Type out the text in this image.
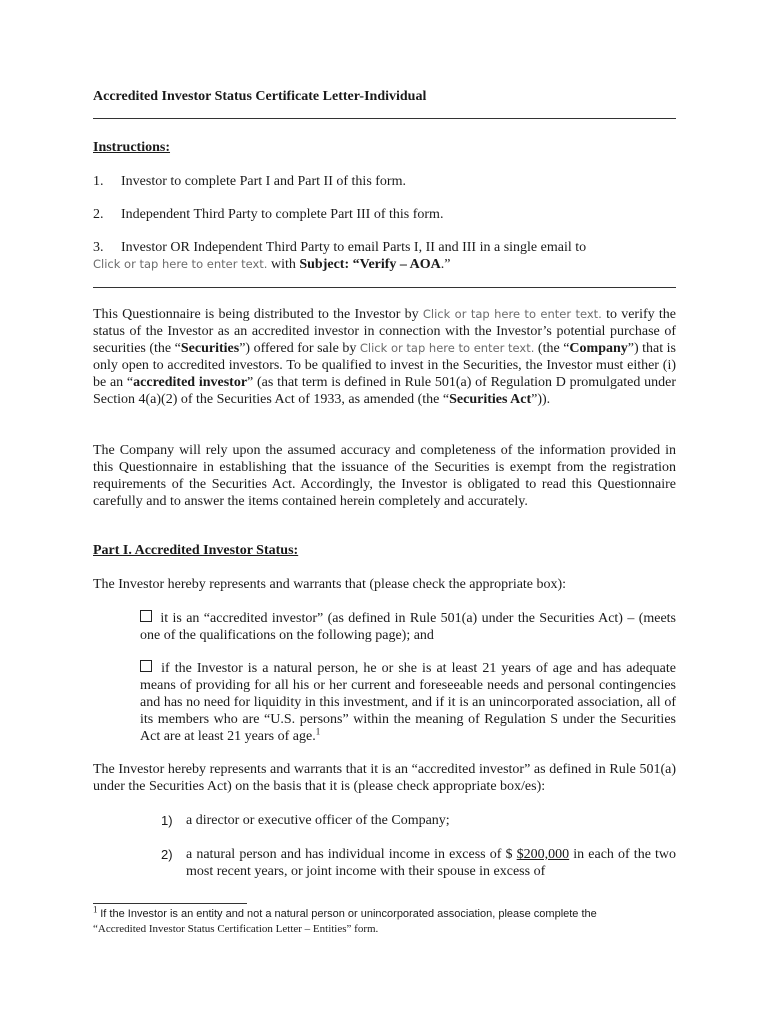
Accredited Investor Status Certificate Letter-Individual
Instructions:
1. Investor to complete Part I and Part II of this form.
2. Independent Third Party to complete Part III of this form.
3. Investor OR Independent Third Party to email Parts I, II and III in a single email to
Click or tap here to enter text. with Subject: “Verify – AOA.”
This Questionnaire is being distributed to the Investor by Click or tap here to enter text. to verify the status of the Investor as an accredited investor in connection with the Investor’s potential purchase of securities (the “Securities”) offered for sale by Click or tap here to enter text. (the “Company”) that is only open to accredited investors. To be qualified to invest in the Securities, the Investor must either (i) be an “accredited investor” (as that term is defined in Rule 501(a) of Regulation D promulgated under Section 4(a)(2) of the Securities Act of 1933, as amended (the “Securities Act”)).
The Company will rely upon the assumed accuracy and completeness of the information provided in this Questionnaire in establishing that the issuance of the Securities is exempt from the registration requirements of the Securities Act. Accordingly, the Investor is obligated to read this Questionnaire carefully and to answer the items contained herein completely and accurately.
Part I. Accredited Investor Status:
The Investor hereby represents and warrants that (please check the appropriate box):
it is an “accredited investor” (as defined in Rule 501(a) under the Securities Act) – (meets one of the qualifications on the following page); and
if the Investor is a natural person, he or she is at least 21 years of age and has adequate means of providing for all his or her current and foreseeable needs and personal contingencies and has no need for liquidity in this investment, and if it is an unincorporated association, all of its members who are “U.S. persons” within the meaning of Regulation S under the Securities Act are at least 21 years of age.$^1$
The Investor hereby represents and warrants that it is an “accredited investor” as defined in Rule 501(a) under the Securities Act) on the basis that it is (please check appropriate box/es):
1) a director or executive officer of the Company;
2) a natural person and has individual income in excess of $ $200,000 in each of the two most recent years, or joint income with their spouse in excess of
$^1$ If the Investor is an entity and not a natural person or unincorporated association, please complete the
“Accredited Investor Status Certification Letter – Entities” form.
